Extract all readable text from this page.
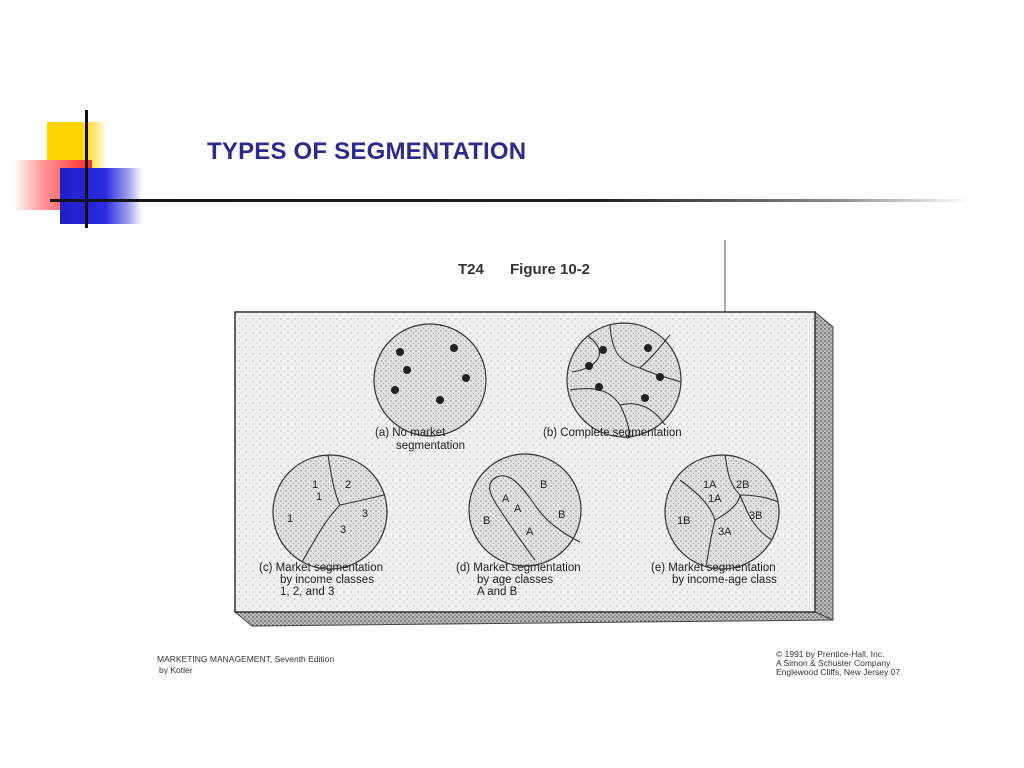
TYPES OF SEGMENTATION
T24 Figure 10-2
(a) No market
segmentation
(b) Complete segmentation
1
1
2
3
3
1
(c) Market segmentation
by income classes
1, 2, and 3
A
A
A
B
B
B
(d) Market segmentation
by age classes
A and B
1A
1A
2B
1B	3B
3A
(e) Market segmentation
by income-age class
MARKETING MANAGEMENT, Seventh Edition
by Kotler
© 1991 by Prentice-Hall, Inc.
A Simon & Schuster Company
Englewood Cliffs, New Jersey 07
